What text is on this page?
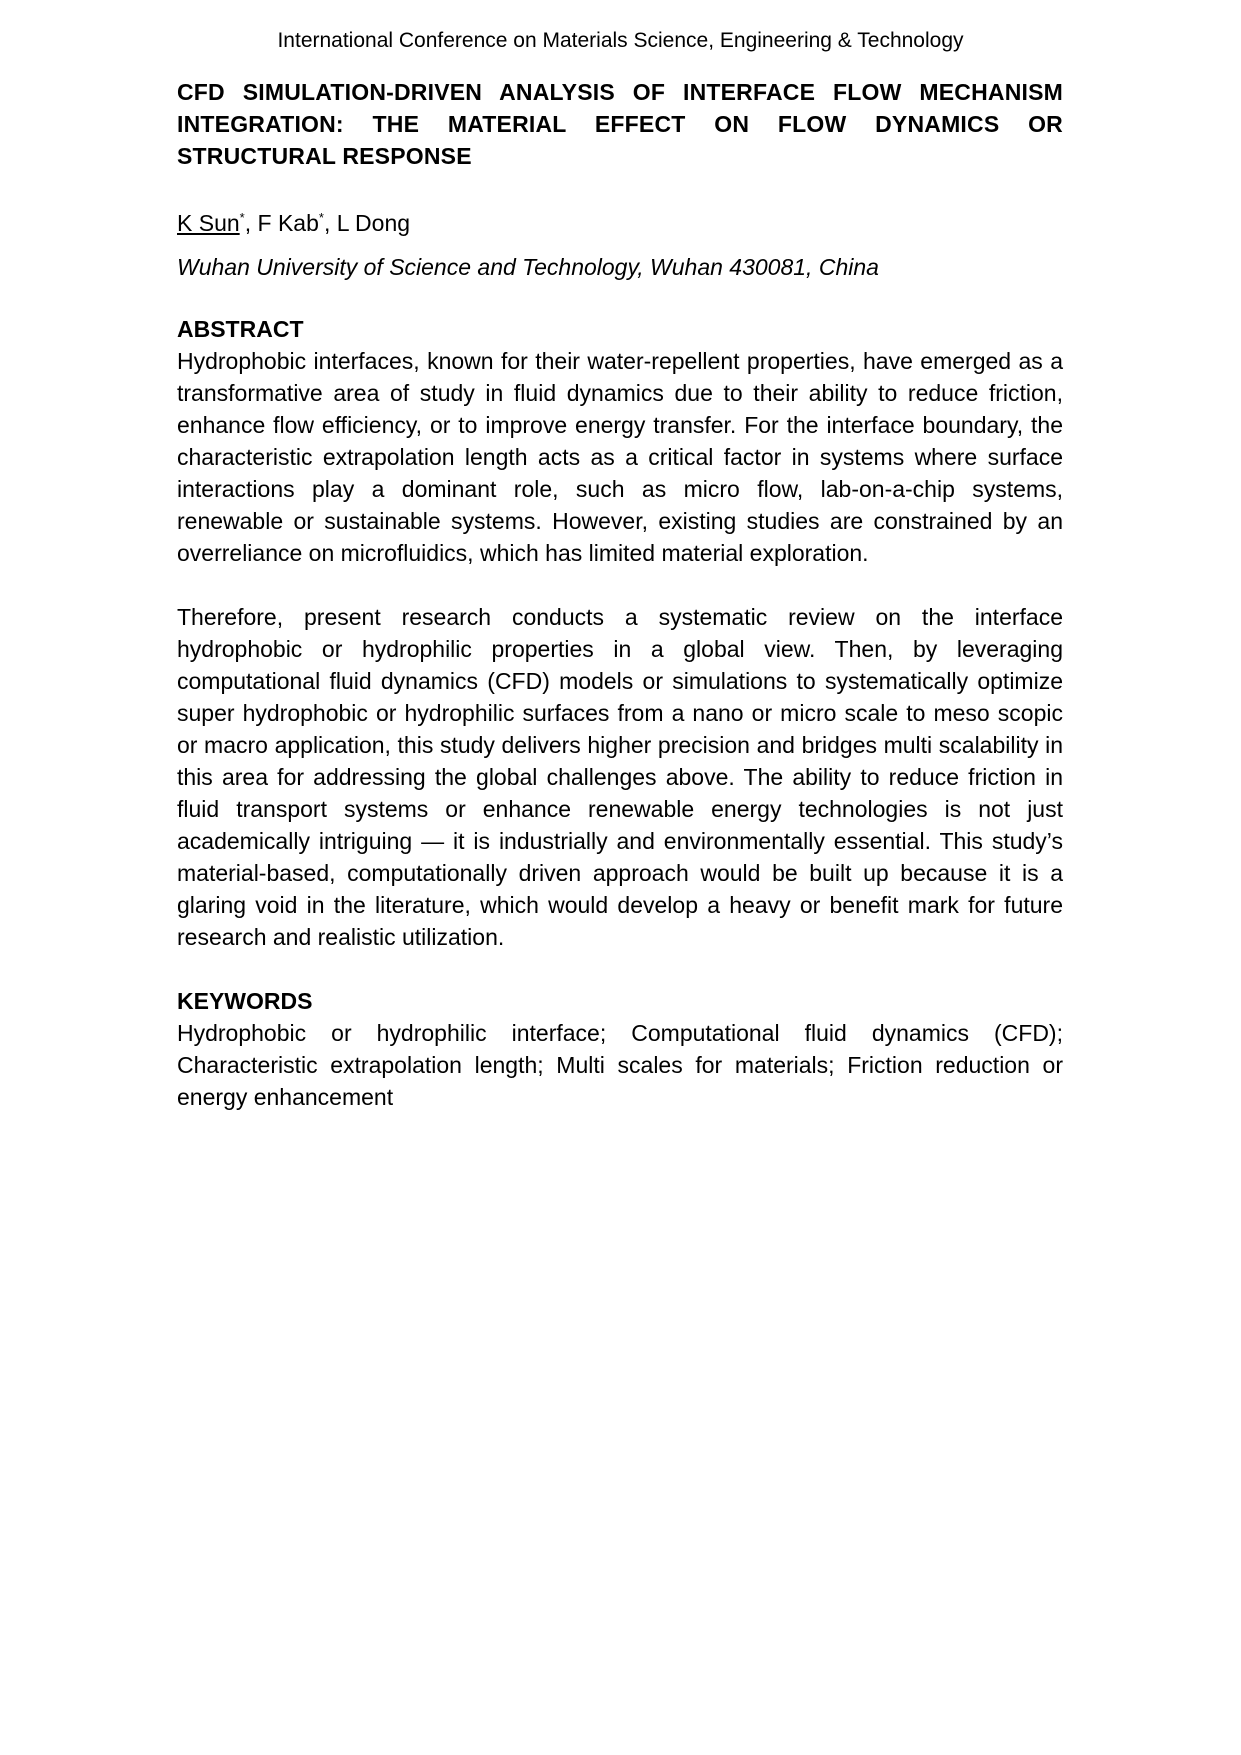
International Conference on Materials Science, Engineering & Technology
CFD SIMULATION-DRIVEN ANALYSIS OF INTERFACE FLOW MECHANISM INTEGRATION: THE MATERIAL EFFECT ON FLOW DYNAMICS OR STRUCTURAL RESPONSE
K Sun*, F Kab*, L Dong
Wuhan University of Science and Technology, Wuhan 430081, China
ABSTRACT

Hydrophobic interfaces, known for their water-repellent properties, have emerged as a transformative area of study in fluid dynamics due to their ability to reduce friction, enhance flow efficiency, or to improve energy transfer. For the interface boundary, the characteristic extrapolation length acts as a critical factor in systems where surface interactions play a dominant role, such as micro flow, lab-on-a-chip systems, renewable or sustainable systems. However, existing studies are constrained by an overreliance on microfluidics, which has limited material exploration.

Therefore, present research conducts a systematic review on the interface hydrophobic or hydrophilic properties in a global view. Then, by leveraging computational fluid dynamics (CFD) models or simulations to systematically optimize super hydrophobic or hydrophilic surfaces from a nano or micro scale to meso scopic or macro application, this study delivers higher precision and bridges multi scalability in this area for addressing the global challenges above. The ability to reduce friction in fluid transport systems or enhance renewable energy technologies is not just academically intriguing — it is industrially and environmentally essential. This study’s material-based, computationally driven approach would be built up because it is a glaring void in the literature, which would develop a heavy or benefit mark for future research and realistic utilization.

KEYWORDS

Hydrophobic or hydrophilic interface; Computational fluid dynamics (CFD); Characteristic extrapolation length; Multi scales for materials; Friction reduction or energy enhancement
